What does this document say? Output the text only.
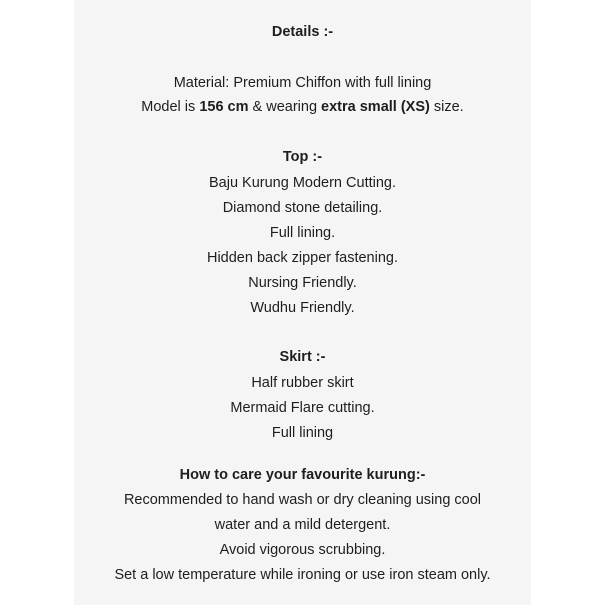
Details :-
Material: Premium Chiffon with full lining
Model is 156 cm & wearing extra small (XS) size.
Top :-
Baju Kurung Modern Cutting.
Diamond stone detailing.
Full lining.
Hidden back zipper fastening.
Nursing Friendly.
Wudhu Friendly.
Skirt :-
Half rubber skirt
Mermaid Flare cutting.
Full lining
How to care your favourite kurung:-
Recommended to hand wash or dry cleaning using cool
water and a mild detergent.
Avoid vigorous scrubbing.
Set a low temperature while ironing or use iron steam only.
